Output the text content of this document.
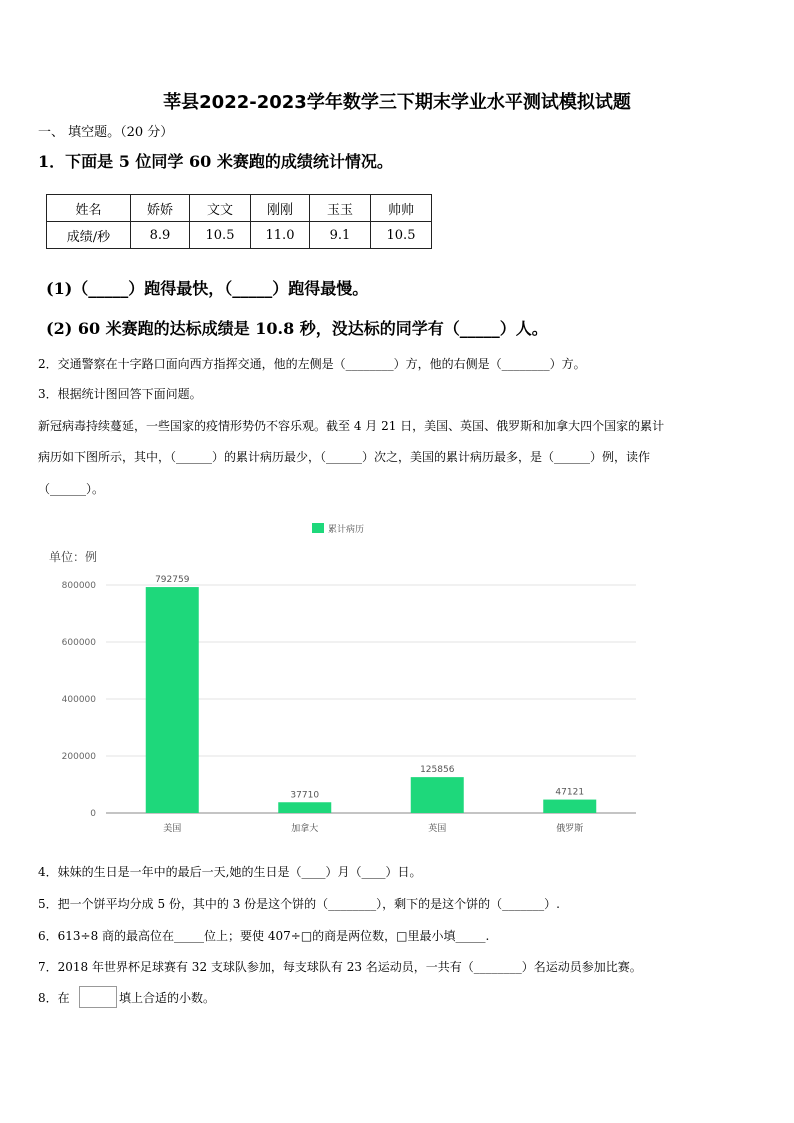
莘县2022-2023学年数学三下期末学业水平测试模拟试题
一、 填空题。（20 分）
1．下面是 5 位同学 60 米赛跑的成绩统计情况。
姓名	娇娇	文文	刚刚	玉玉	帅帅
成绩/秒	8.9	10.5	11.0	9.1	10.5
(1)（_____）跑得最快，（_____）跑得最慢。
(2) 60 米赛跑的达标成绩是 10.8 秒，没达标的同学有（_____）人。
2．交通警察在十字路口面向西方指挥交通，他的左侧是（________）方，他的右侧是（________）方。
3．根据统计图回答下面问题。
新冠病毒持续蔓延，一些国家的疫情形势仍不容乐观。截至 4 月 21 日，美国、英国、俄罗斯和加拿大四个国家的累计
病历如下图所示，其中，（______）的累计病历最少，（______）次之，美国的累计病历最多，是（______）例，读作
（______）。
累计病历
单位：例
800000
600000
400000
200000
0
792759
37710
125856
47121
美国	加拿大	英国	俄罗斯
4．妹妹的生日是一年中的最后一天,她的生日是（____）月（____）日。
5．把一个饼平均分成 5 份，其中的 3 份是这个饼的（________），剩下的是这个饼的（_______）.
6．613÷8 商的最高位在_____位上；要使 407÷□的商是两位数，□里最小填_____.
7．2018 年世界杯足球赛有 32 支球队参加，每支球队有 23 名运动员，一共有（________）名运动员参加比赛。
8．在	填上合适的小数。
